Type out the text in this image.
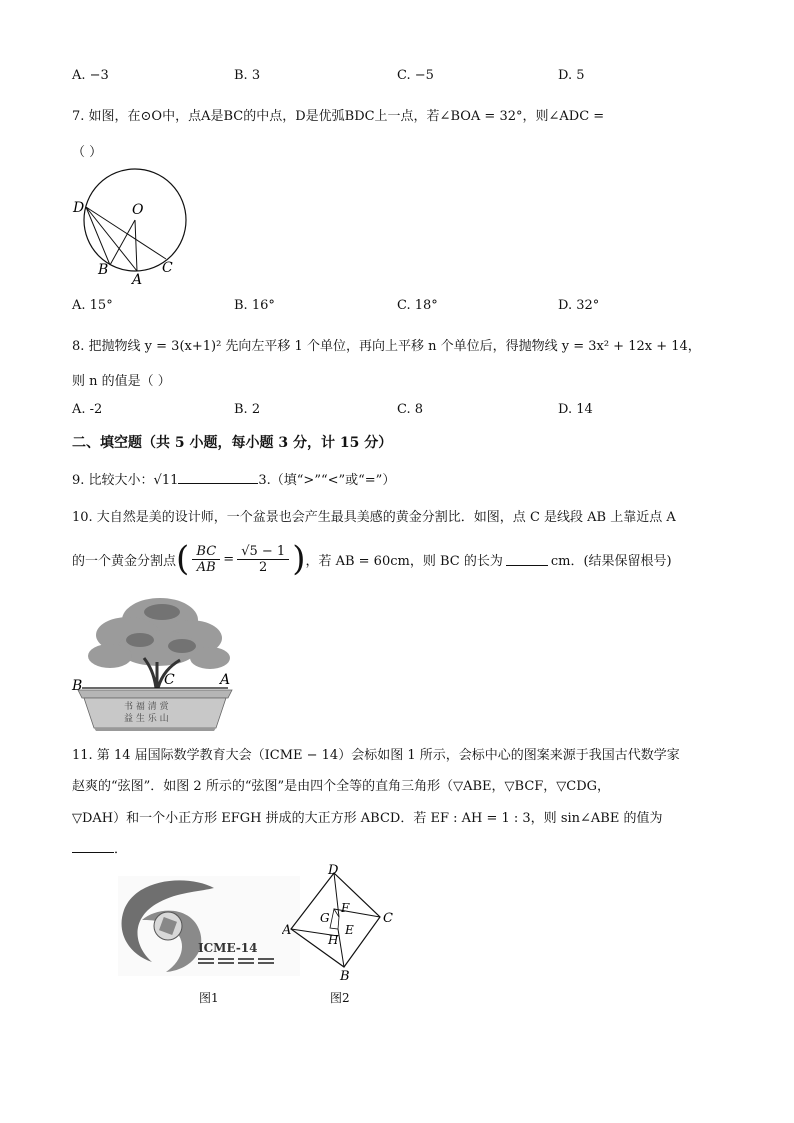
A. −3	B. 3	C. −5	D. 5
7. 如图，在⊙O中，点A是BC的中点，D是优弧BDC上一点，若∠BOA = 32°，则∠ADC =
（ ）
D	O
B
A
C
A. 15°	B. 16°	C. 18°	D. 32°
8. 把抛物线 y = 3(x+1)² 先向左平移 1 个单位，再向上平移 n 个单位后，得抛物线 y = 3x² + 12x + 14，
则 n 的值是（ ）
A. -2	B. 2	C. 8	D. 14
二、填空题（共 5 小题，每小题 3 分，计 15 分）
9. 比较大小：√11	3.（填“>”“<”或“=”）
10. 大自然是美的设计师，一个盆景也会产生最具美感的黄金分割比．如图，点 C 是线段 AB 上靠近点 A
的一个黄金分割点 ( BC
AB
=
√5 − 1
2 ) ，若 AB = 60cm，则 BC 的长为	cm．(结果保留根号)
书 福 清 赏
益 生 乐 山
B	C	A
11. 第 14 届国际数学教育大会（ICME − 14）会标如图 1 所示，会标中心的图案来源于我国古代数学家
赵爽的“弦图”．如图 2 所示的“弦图”是由四个全等的直角三角形（▽ABE，▽BCF，▽CDG，
▽DAH）和一个小正方形 EFGH 拼成的大正方形 ABCD．若 EF : AH = 1 : 3，则 sin∠ABE 的值为
．
ICME-14
图1
D
A
B
C
G
F
H
E
图2
